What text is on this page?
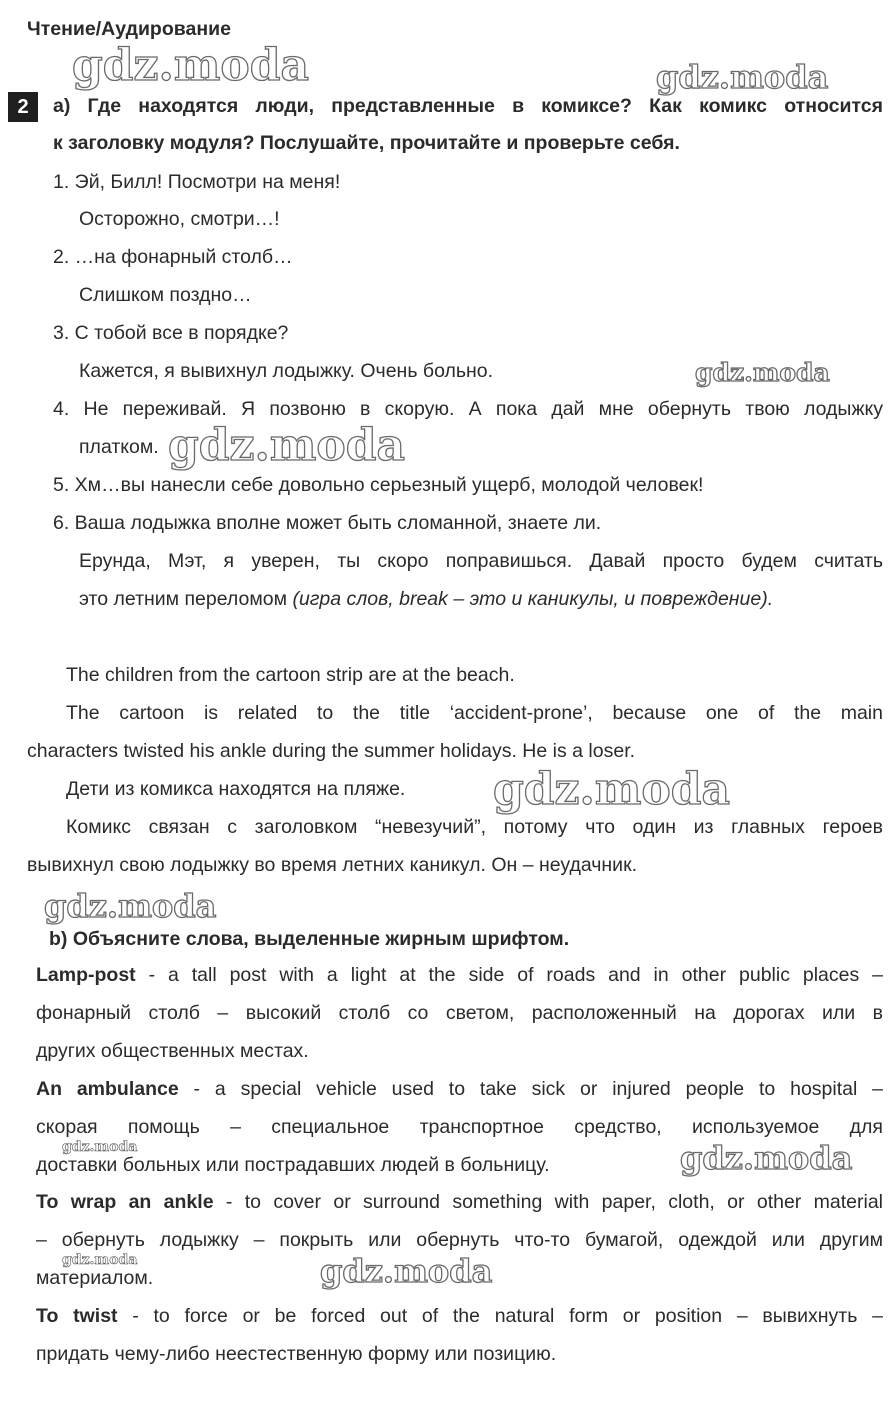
Чтение/Аудирование
2	a) Где находятся люди, представленные в комиксе? Как комикс относится
к заголовку модуля? Послушайте, прочитайте и проверьте себя.
1. Эй, Билл! Посмотри на меня!
Осторожно, смотри…!
2. …на фонарный столб…
Слишком поздно…
3. С тобой все в порядке?
Кажется, я вывихнул лодыжку. Очень больно.
4. Не переживай. Я позвоню в скорую. А пока дай мне обернуть твою лодыжку
платком.
5. Хм…вы нанесли себе довольно серьезный ущерб, молодой человек!
6. Ваша лодыжка вполне может быть сломанной, знаете ли.
Ерунда, Мэт, я уверен, ты скоро поправишься. Давай просто будем считать
это летним переломом (игра слов, break – это и каникулы, и повреждение).
The children from the cartoon strip are at the beach.
The cartoon is related to the title ‘accident-prone’, because one of the main
characters twisted his ankle during the summer holidays. He is a loser.
Дети из комикса находятся на пляже.
Комикс связан с заголовком “невезучий”, потому что один из главных героев
вывихнул свою лодыжку во время летних каникул. Он – неудачник.
b) Объясните слова, выделенные жирным шрифтом.
Lamp-post - a tall post with a light at the side of roads and in other public places –
фонарный столб – высокий столб со светом, расположенный на дорогах или в
других общественных местах.
An ambulance - a special vehicle used to take sick or injured people to hospital –
скорая помощь – специальное транспортное средство, используемое для
доставки больных или пострадавших людей в больницу.
To wrap an ankle - to cover or surround something with paper, cloth, or other material
– обернуть лодыжку – покрыть или обернуть что-то бумагой, одеждой или другим
материалом.
To twist - to force or be forced out of the natural form or position – вывихнуть –
придать чему-либо неестественную форму или позицию.
gdz.moda	gdz.moda
gdz.moda
gdz.moda
gdz.moda
gdz.moda
gdz.moda	gdz.moda
gdz.moda	gdz.moda
